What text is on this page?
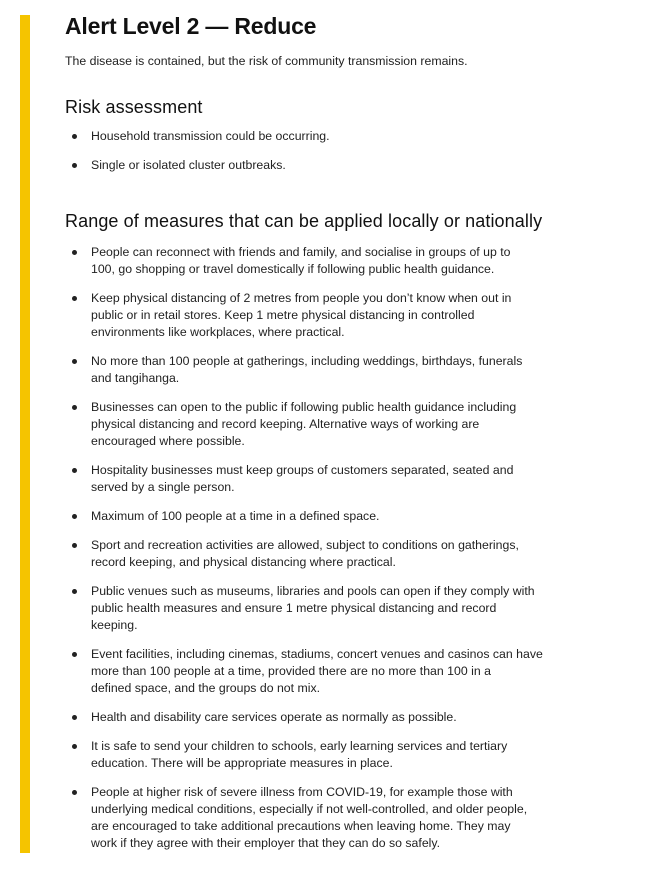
Alert Level 2 — Reduce

The disease is contained, but the risk of community transmission remains.

Risk assessment
Household transmission could be occurring.
Single or isolated cluster outbreaks.
Range of measures that can be applied locally or nationally
People can reconnect with friends and family, and socialise in groups of up to
100, go shopping or travel domestically if following public health guidance.
Keep physical distancing of 2 metres from people you don’t know when out in
public or in retail stores. Keep 1 metre physical distancing in controlled
environments like workplaces, where practical.
No more than 100 people at gatherings, including weddings, birthdays, funerals
and tangihanga.
Businesses can open to the public if following public health guidance including
physical distancing and record keeping. Alternative ways of working are
encouraged where possible.
Hospitality businesses must keep groups of customers separated, seated and
served by a single person.
Maximum of 100 people at a time in a defined space.
Sport and recreation activities are allowed, subject to conditions on gatherings,
record keeping, and physical distancing where practical.
Public venues such as museums, libraries and pools can open if they comply with
public health measures and ensure 1 metre physical distancing and record
keeping.
Event facilities, including cinemas, stadiums, concert venues and casinos can have
more than 100 people at a time, provided there are no more than 100 in a
defined space, and the groups do not mix.
Health and disability care services operate as normally as possible.
It is safe to send your children to schools, early learning services and tertiary
education. There will be appropriate measures in place.
People at higher risk of severe illness from COVID-19, for example those with
underlying medical conditions, especially if not well-controlled, and older people,
are encouraged to take additional precautions when leaving home. They may
work if they agree with their employer that they can do so safely.
